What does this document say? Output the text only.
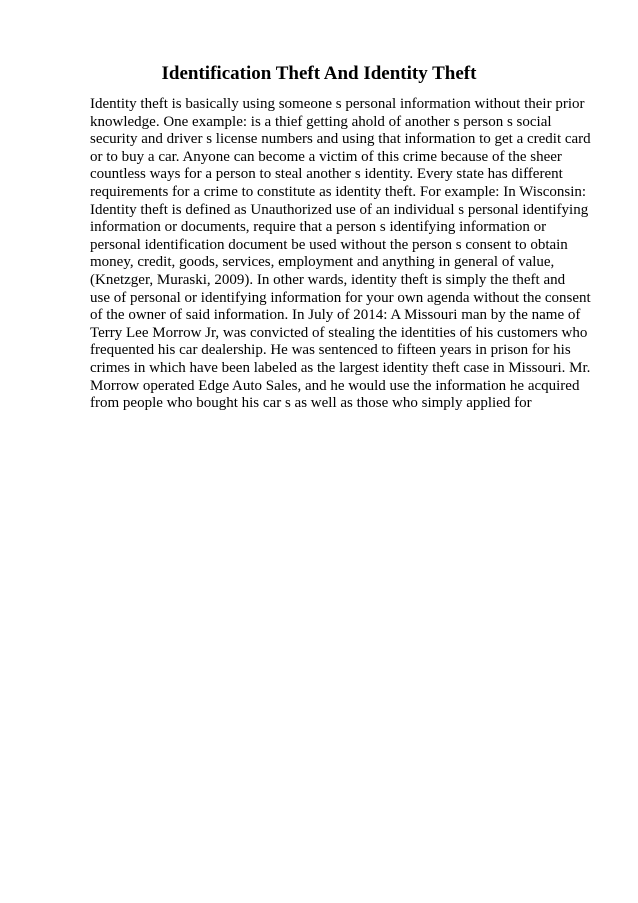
Identification Theft And Identity Theft
Identity theft is basically using someone s personal information without their prior
knowledge. One example: is a thief getting ahold of another s person s social
security and driver s license numbers and using that information to get a credit card
or to buy a car. Anyone can become a victim of this crime because of the sheer
countless ways for a person to steal another s identity. Every state has different
requirements for a crime to constitute as identity theft. For example: In Wisconsin:
Identity theft is defined as Unauthorized use of an individual s personal identifying
information or documents, require that a person s identifying information or
personal identification document be used without the person s consent to obtain
money, credit, goods, services, employment and anything in general of value,
(Knetzger, Muraski, 2009). In other wards, identity theft is simply the theft and
use of personal or identifying information for your own agenda without the consent
of the owner of said information. In July of 2014: A Missouri man by the name of
Terry Lee Morrow Jr, was convicted of stealing the identities of his customers who
frequented his car dealership. He was sentenced to fifteen years in prison for his
crimes in which have been labeled as the largest identity theft case in Missouri. Mr.
Morrow operated Edge Auto Sales, and he would use the information he acquired
from people who bought his car s as well as those who simply applied for
